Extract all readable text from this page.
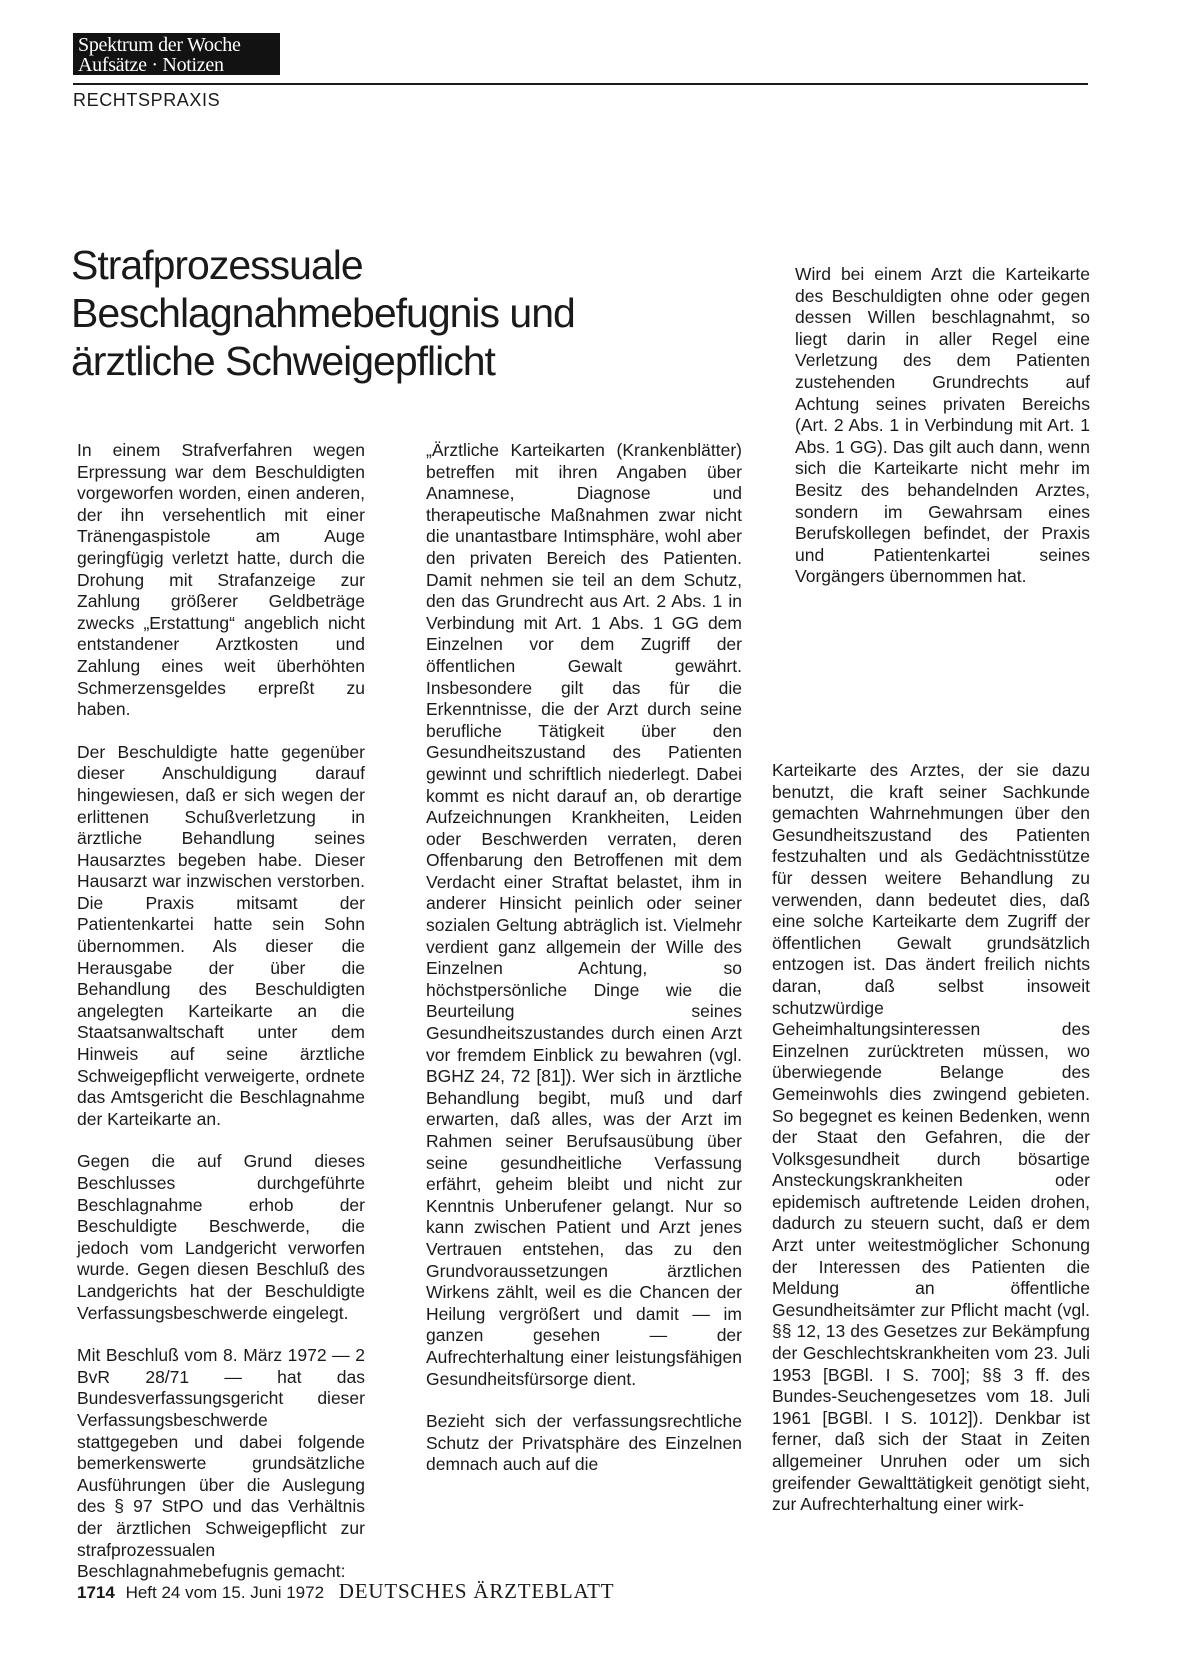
Spektrum der Woche
Aufsätze · Notizen
RECHTSPRAXIS
Strafprozessuale
Beschlagnahmebefugnis und
ärztliche Schweigepflicht

In einem Strafverfahren wegen Erpressung war dem Beschuldigten vorgeworfen worden, einen anderen, der ihn versehentlich mit einer Tränengaspistole am Auge geringfügig verletzt hatte, durch die Drohung mit Strafanzeige zur Zahlung größerer Geldbeträge zwecks „Erstattung“ angeblich nicht entstandener Arztkosten und Zahlung eines weit überhöhten Schmerzensgeldes erpreßt zu haben.

Der Beschuldigte hatte gegenüber dieser Anschuldigung darauf hingewiesen, daß er sich wegen der erlittenen Schußverletzung in ärztliche Behandlung seines Hausarztes begeben habe. Dieser Hausarzt war inzwischen verstorben. Die Praxis mitsamt der Patientenkartei hatte sein Sohn übernommen. Als dieser die Herausgabe der über die Behandlung des Beschuldigten angelegten Karteikarte an die Staatsanwaltschaft unter dem Hinweis auf seine ärztliche Schweigepflicht verweigerte, ordnete das Amtsgericht die Beschlagnahme der Karteikarte an.

Gegen die auf Grund dieses Beschlusses durchgeführte Beschlagnahme erhob der Beschuldigte Beschwerde, die jedoch vom Landgericht verworfen wurde. Gegen diesen Beschluß des Landgerichts hat der Beschuldigte Verfassungsbeschwerde eingelegt.

Mit Beschluß vom 8. März 1972 — 2 BvR 28/71 — hat das Bundesverfassungsgericht dieser Verfassungsbeschwerde stattgegeben und dabei folgende bemerkenswerte grundsätzliche Ausführungen über die Auslegung des § 97 StPO und das Verhältnis der ärztlichen Schweigepflicht zur strafprozessualen Beschlagnahmebefugnis gemacht:

„Ärztliche Karteikarten (Krankenblätter) betreffen mit ihren Angaben über Anamnese, Diagnose und therapeutische Maßnahmen zwar nicht die unantastbare Intimsphäre, wohl aber den privaten Bereich des Patienten. Damit nehmen sie teil an dem Schutz, den das Grundrecht aus Art. 2 Abs. 1 in Verbindung mit Art. 1 Abs. 1 GG dem Einzelnen vor dem Zugriff der öffentlichen Gewalt gewährt. Insbesondere gilt das für die Erkenntnisse, die der Arzt durch seine berufliche Tätigkeit über den Gesundheitszustand des Patienten gewinnt und schriftlich niederlegt. Dabei kommt es nicht darauf an, ob derartige Aufzeichnungen Krankheiten, Leiden oder Beschwerden verraten, deren Offenbarung den Betroffenen mit dem Verdacht einer Straftat belastet, ihm in anderer Hinsicht peinlich oder seiner sozialen Geltung abträglich ist. Vielmehr verdient ganz allgemein der Wille des Einzelnen Achtung, so höchstpersönliche Dinge wie die Beurteilung seines Gesundheitszustandes durch einen Arzt vor fremdem Einblick zu bewahren (vgl. BGHZ 24, 72 [81]). Wer sich in ärztliche Behandlung begibt, muß und darf erwarten, daß alles, was der Arzt im Rahmen seiner Berufsausübung über seine gesundheitliche Verfassung erfährt, geheim bleibt und nicht zur Kenntnis Unberufener gelangt. Nur so kann zwischen Patient und Arzt jenes Vertrauen entstehen, das zu den Grundvoraussetzungen ärztlichen Wirkens zählt, weil es die Chancen der Heilung vergrößert und damit — im ganzen gesehen — der Aufrechterhaltung einer leistungsfähigen Gesundheitsfürsorge dient.

Bezieht sich der verfassungsrechtliche Schutz der Privatsphäre des Einzelnen demnach auch auf die

Wird bei einem Arzt die Karteikarte des Beschuldigten ohne oder gegen dessen Willen beschlagnahmt, so liegt darin in aller Regel eine Verletzung des dem Patienten zustehenden Grundrechts auf Achtung seines privaten Bereichs (Art. 2 Abs. 1 in Verbindung mit Art. 1 Abs. 1 GG). Das gilt auch dann, wenn sich die Karteikarte nicht mehr im Besitz des behandelnden Arztes, sondern im Gewahrsam eines Berufskollegen befindet, der Praxis und Patientenkartei seines Vorgängers übernommen hat.

Karteikarte des Arztes, der sie dazu benutzt, die kraft seiner Sachkunde gemachten Wahrnehmungen über den Gesundheitszustand des Patienten festzuhalten und als Gedächtnisstütze für dessen weitere Behandlung zu verwenden, dann bedeutet dies, daß eine solche Karteikarte dem Zugriff der öffentlichen Gewalt grundsätzlich entzogen ist. Das ändert freilich nichts daran, daß selbst insoweit schutzwürdige Geheimhaltungsinteressen des Einzelnen zurücktreten müssen, wo überwiegende Belange des Gemeinwohls dies zwingend gebieten. So begegnet es keinen Bedenken, wenn der Staat den Gefahren, die der Volksgesundheit durch bösartige Ansteckungskrankheiten oder epidemisch auftretende Leiden drohen, dadurch zu steuern sucht, daß er dem Arzt unter weitestmöglicher Schonung der Interessen des Patienten die Meldung an öffentliche Gesundheitsämter zur Pflicht macht (vgl. §§ 12, 13 des Gesetzes zur Bekämpfung der Geschlechtskrankheiten vom 23. Juli 1953 [BGBl. I S. 700]; §§ 3 ff. des Bundes-Seuchengesetzes vom 18. Juli 1961 [BGBl. I S. 1012]). Denkbar ist ferner, daß sich der Staat in Zeiten allgemeiner Unruhen oder um sich greifender Gewalttätigkeit genötigt sieht, zur Aufrechterhaltung einer wirk-

1714 Heft 24 vom 15. Juni 1972 DEUTSCHES ÄRZTEBLATT
